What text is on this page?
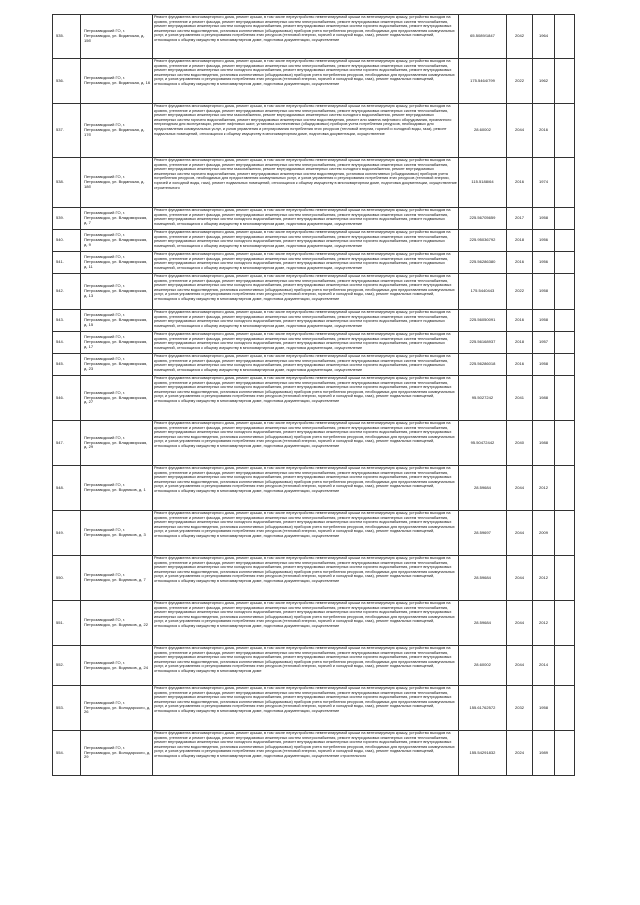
535.	Петрозаводский ГО, г. Петрозаводск, ул. Виданская, д. 15б	Ремонт фундамента многоквартирного дома, ремонт крыши, в том числе переустройство невентилируемой крыши на вентилируемую крышу, устройство выходов на кровлю, утепление и ремонт фасада, ремонт внутридомовых инженерных систем электроснабжения, ремонт внутридомовых инженерных систем теплоснабжения, ремонт внутридомовых инженерных систем холодного водоснабжения, ремонт внутридомовых инженерных систем горячего водоснабжения, ремонт внутридомовых инженерных систем водоотведения, установка коллективных (общедомовых) приборов учета потребления ресурсов, необходимых для предоставления коммунальных услуг, и узлов управления и регулирования потребления этих ресурсов (тепловой энергии, горячей и холодной воды, газа), ремонт подвальных помещений, относящихся к общему имуществу в многоквартирном доме, подготовка документации, осуществление	65.5089/1847	2042	1964	
536.	Петрозаводский ГО, г. Петрозаводск, ул. Виданская, д. 16	Ремонт фундамента многоквартирного дома, ремонт крыши, в том числе переустройство невентилируемой крыши на вентилируемую крышу, устройство выходов на кровлю, утепление и ремонт фасада, ремонт внутридомовых инженерных систем электроснабжения, ремонт внутридомовых инженерных систем теплоснабжения, ремонт внутридомовых инженерных систем холодного водоснабжения, ремонт внутридомовых инженерных систем горячего водоснабжения, ремонт внутридомовых инженерных систем водоотведения, установка коллективных (общедомовых) приборов учета потребления ресурсов, необходимых для предоставления коммунальных услуг, и узлов управления и регулирования потребления этих ресурсов (тепловой энергии, горячей и холодной воды, газа), ремонт подвальных помещений, относящихся к общему имуществу в многоквартирном доме, подготовка документации, осуществление	175.5464/799	2022	1962	
537.	Петрозаводский ГО, г. Петрозаводск, ул. Виданская, д. 17б	Ремонт фундамента многоквартирного дома, ремонт крыши, в том числе переустройство невентилируемой крыши на вентилируемую крышу, устройство выходов на кровлю, утепление и ремонт фасада, ремонт внутридомовых инженерных систем электроснабжения, ремонт внутридомовых инженерных систем теплоснабжения, ремонт внутридомовых инженерных систем газоснабжения, ремонт внутридомовых инженерных систем холодного водоснабжения, ремонт внутридомовых инженерных систем горячего водоснабжения, ремонт внутридомовых инженерных систем водоотведения, ремонт или замена лифтового оборудования, признанного непригодным для эксплуатации, ремонт лифтовых шахт, установка коллективных (общедомовых) приборов учета потребления ресурсов, необходимых для предоставления коммунальных услуг, и узлов управления и регулирования потребления этих ресурсов (тепловой энергии, горячей и холодной воды, газа), ремонт подвальных помещений, относящихся к общему имуществу в многоквартирном доме, подготовка документации, осуществление	28.60002	2044	2016	
538.	Петрозаводский ГО, г. Петрозаводск, ул. Виданская, д. 18б	Ремонт фундамента многоквартирного дома, ремонт крыши, в том числе переустройство невентилируемой крыши на вентилируемую крышу, устройство выходов на кровлю, утепление и ремонт фасада, ремонт внутридомовых инженерных систем электроснабжения, ремонт внутридомовых инженерных систем теплоснабжения, ремонт внутридомовых инженерных систем газоснабжения, ремонт внутридомовых инженерных систем холодного водоснабжения, ремонт внутридомовых инженерных систем горячего водоснабжения, ремонт внутридомовых инженерных систем водоотведения, установка коллективных (общедомовых) приборов учета потребления ресурсов, необходимых для предоставления коммунальных услуг, и узлов управления и регулирования потребления этих ресурсов (тепловой энергии, горячей и холодной воды, газа), ремонт подвальных помещений, относящихся к общему имуществу в многоквартирном доме, подготовка документации, осуществление строительного	115.5188/64	2016	1974	
539.	Петрозаводский ГО, г. Петрозаводск, ул. Владимирская, д. 7	Ремонт фундамента многоквартирного дома, ремонт крыши, в том числе переустройство невентилируемой крыши на вентилируемую крышу, устройство выходов на кровлю, утепление и ремонт фасада, ремонт внутридомовых инженерных систем электроснабжения, ремонт внутридомовых инженерных систем теплоснабжения, ремонт внутридомовых инженерных систем холодного водоснабжения, ремонт внутридомовых инженерных систем горячего водоснабжения, ремонт подвальных помещений, относящихся к общему имуществу в многоквартирном доме, подготовка документации, осуществление	225.56705659	2017	1958	
540.	Петрозаводский ГО, г. Петрозаводск, ул. Владимирская, д. 9	Ремонт фундамента многоквартирного дома, ремонт крыши, в том числе переустройство невентилируемой крыши на вентилируемую крышу, устройство выходов на кровлю, утепление и ремонт фасада, ремонт внутридомовых инженерных систем электроснабжения, ремонт внутридомовых инженерных систем теплоснабжения, ремонт внутридомовых инженерных систем холодного водоснабжения, ремонт внутридомовых инженерных систем горячего водоснабжения, ремонт подвальных помещений, относящихся к общему имуществу в многоквартирном доме, подготовка документации, осуществление	225.95036792	2018	1956	
541.	Петрозаводский ГО, г. Петрозаводск, ул. Владимирская, д. 11	Ремонт фундамента многоквартирного дома, ремонт крыши, в том числе переустройство невентилируемой крыши на вентилируемую крышу, устройство выходов на кровлю, утепление и ремонт фасада, ремонт внутридомовых инженерных систем электроснабжения, ремонт внутридомовых инженерных систем теплоснабжения, ремонт внутридомовых инженерных систем холодного водоснабжения, ремонт внутридомовых инженерных систем горячего водоснабжения, ремонт подвальных помещений, относящихся к общему имуществу в многоквартирном доме, подготовка документации, осуществление	225.56286380	2016	1956	
542.	Петрозаводский ГО, г. Петрозаводск, ул. Владимирская, д. 13	Ремонт фундамента многоквартирного дома, ремонт крыши, в том числе переустройство невентилируемой крыши на вентилируемую крышу, устройство выходов на кровлю, утепление и ремонт фасада, ремонт внутридомовых инженерных систем электроснабжения, ремонт внутридомовых инженерных систем теплоснабжения, ремонт внутридомовых инженерных систем холодного водоснабжения, ремонт внутридомовых инженерных систем горячего водоснабжения, ремонт внутридомовых инженерных систем водоотведения, установка коллективных (общедомовых) приборов учета потребления ресурсов, необходимых для предоставления коммунальных услуг, и узлов управления и регулирования потребления этих ресурсов (тепловой энергии, горячей и холодной воды, газа), ремонт подвальных помещений, относящихся к общему имуществу в многоквартирном доме, подготовка документации, осуществление	175.5440443	2022	1958	
543.	Петрозаводский ГО, г. Петрозаводск, ул. Владимирская, д. 15	Ремонт фундамента многоквартирного дома, ремонт крыши, в том числе переустройство невентилируемой крыши на вентилируемую крышу, устройство выходов на кровлю, утепление и ремонт фасада, ремонт внутридомовых инженерных систем электроснабжения, ремонт внутридомовых инженерных систем теплоснабжения, ремонт внутридомовых инженерных систем холодного водоснабжения, ремонт внутридомовых инженерных систем горячего водоснабжения, ремонт подвальных помещений, относящихся к общему имуществу в многоквартирном доме, подготовка документации, осуществление	225.56050091	2016	1958	
544.	Петрозаводский ГО, г. Петрозаводск, ул. Владимирская, д. 17	Ремонт фундамента многоквартирного дома, ремонт крыши, в том числе переустройство невентилируемой крыши на вентилируемую крышу, устройство выходов на кровлю, утепление и ремонт фасада, ремонт внутридомовых инженерных систем электроснабжения, ремонт внутридомовых инженерных систем теплоснабжения, ремонт внутридомовых инженерных систем холодного водоснабжения, ремонт внутридомовых инженерных систем горячего водоснабжения, ремонт подвальных помещений, относящихся к общему имуществу в многоквартирном доме, подготовка документации, осуществление	225.56168937	2018	1957	
545.	Петрозаводский ГО, г. Петрозаводск, ул. Владимирская, д. 23	Ремонт фундамента многоквартирного дома, ремонт крыши, в том числе переустройство невентилируемой крыши на вентилируемую крышу, устройство выходов на кровлю, утепление и ремонт фасада, ремонт внутридомовых инженерных систем электроснабжения, ремонт внутридомовых инженерных систем теплоснабжения, ремонт внутридомовых инженерных систем холодного водоснабжения, ремонт внутридомовых инженерных систем горячего водоснабжения, ремонт подвальных помещений, относящихся к общему имуществу в многоквартирном доме, подготовка документации, осуществление	225.56286018	2016	1958	
546.	Петрозаводский ГО, г. Петрозаводск, ул. Владимирская, д. 27	Ремонт фундамента многоквартирного дома, ремонт крыши, в том числе переустройство невентилируемой крыши на вентилируемую крышу, устройство выходов на кровлю, утепление и ремонт фасада, ремонт внутридомовых инженерных систем электроснабжения, ремонт внутридомовых инженерных систем теплоснабжения, ремонт внутридомовых инженерных систем холодного водоснабжения, ремонт внутридомовых инженерных систем горячего водоснабжения, ремонт внутридомовых инженерных систем водоотведения, установка коллективных (общедомовых) приборов учета потребления ресурсов, необходимых для предоставления коммунальных услуг, и узлов управления и регулирования потребления этих ресурсов (тепловой энергии, горячей и холодной воды, газа), ремонт подвальных помещений, относящихся к общему имуществу в многоквартирном доме, подготовка документации, осуществление	95.5027242	2041	1988	
547.	Петрозаводский ГО, г. Петрозаводск, ул. Владимирская, д. 29	Ремонт фундамента многоквартирного дома, ремонт крыши, в том числе переустройство невентилируемой крыши на вентилируемую крышу, устройство выходов на кровлю, утепление и ремонт фасада, ремонт внутридомовых инженерных систем электроснабжения, ремонт внутридомовых инженерных систем теплоснабжения, ремонт внутридомовых инженерных систем холодного водоснабжения, ремонт внутридомовых инженерных систем горячего водоснабжения, ремонт внутридомовых инженерных систем водоотведения, установка коллективных (общедомовых) приборов учета потребления ресурсов, необходимых для предоставления коммунальных услуг, и узлов управления и регулирования потребления этих ресурсов (тепловой энергии, горячей и холодной воды, газа), ремонт подвальных помещений, относящихся к общему имуществу в многоквартирном доме, подготовка документации, осуществление	95.50472442	2040	1988	
548.	Петрозаводский ГО, г. Петрозаводск, ул. Водников, д. 1	Ремонт фундамента многоквартирного дома, ремонт крыши, в том числе переустройство невентилируемой крыши на вентилируемую крышу, устройство выходов на кровлю, утепление и ремонт фасада, ремонт внутридомовых инженерных систем электроснабжения, ремонт внутридомовых инженерных систем теплоснабжения, ремонт внутридомовых инженерных систем холодного водоснабжения, ремонт внутридомовых инженерных систем горячего водоснабжения, ремонт внутридомовых инженерных систем водоотведения, установка коллективных (общедомовых) приборов учета потребления ресурсов, необходимых для предоставления коммунальных услуг, и узлов управления и регулирования потребления этих ресурсов (тепловой энергии, горячей и холодной воды, газа), ремонт подвальных помещений, относящихся к общему имуществу в многоквартирном доме, подготовка документации, осуществление	28.59684	2044	2012	
549.	Петрозаводский ГО, г. Петрозаводск, ул. Водников, д. 3	Ремонт фундамента многоквартирного дома, ремонт крыши, в том числе переустройство невентилируемой крыши на вентилируемую крышу, устройство выходов на кровлю, утепление и ремонт фасада, ремонт внутридомовых инженерных систем электроснабжения, ремонт внутридомовых инженерных систем теплоснабжения, ремонт внутридомовых инженерных систем холодного водоснабжения, ремонт внутридомовых инженерных систем горячего водоснабжения, ремонт внутридомовых инженерных систем водоотведения, установка коллективных (общедомовых) приборов учета потребления ресурсов, необходимых для предоставления коммунальных услуг, и узлов управления и регулирования потребления этих ресурсов (тепловой энергии, горячей и холодной воды, газа), ремонт подвальных помещений, относящихся к общему имуществу в многоквартирном доме, подготовка документации, осуществление	28.59697	2044	2009	
550.	Петрозаводский ГО, г. Петрозаводск, ул. Водников, д. 7	Ремонт фундамента многоквартирного дома, ремонт крыши, в том числе переустройство невентилируемой крыши на вентилируемую крышу, устройство выходов на кровлю, утепление и ремонт фасада, ремонт внутридомовых инженерных систем электроснабжения, ремонт внутридомовых инженерных систем теплоснабжения, ремонт внутридомовых инженерных систем холодного водоснабжения, ремонт внутридомовых инженерных систем горячего водоснабжения, ремонт внутридомовых инженерных систем водоотведения, установка коллективных (общедомовых) приборов учета потребления ресурсов, необходимых для предоставления коммунальных услуг, и узлов управления и регулирования потребления этих ресурсов (тепловой энергии, горячей и холодной воды, газа), ремонт подвальных помещений, относящихся к общему имуществу в многоквартирном доме, подготовка документации, осуществление	28.59684	2044	2012	
551.	Петрозаводский ГО, г. Петрозаводск, ул. Водников, д. 22	Ремонт фундамента многоквартирного дома, ремонт крыши, в том числе переустройство невентилируемой крыши на вентилируемую крышу, устройство выходов на кровлю, утепление и ремонт фасада, ремонт внутридомовых инженерных систем электроснабжения, ремонт внутридомовых инженерных систем теплоснабжения, ремонт внутридомовых инженерных систем холодного водоснабжения, ремонт внутридомовых инженерных систем горячего водоснабжения, ремонт внутридомовых инженерных систем водоотведения, установка коллективных (общедомовых) приборов учета потребления ресурсов, необходимых для предоставления коммунальных услуг, и узлов управления и регулирования потребления этих ресурсов (тепловой энергии, горячей и холодной воды, газа), ремонт подвальных помещений, относящихся к общему имуществу в многоквартирном доме, подготовка документации, осуществление	28.59684	2044	2012	
552.	Петрозаводский ГО, г. Петрозаводск, ул. Водников, д. 24	Ремонт фундамента многоквартирного дома, ремонт крыши, в том числе переустройство невентилируемой крыши на вентилируемую крышу, устройство выходов на кровлю, утепление и ремонт фасада, ремонт внутридомовых инженерных систем электроснабжения, ремонт внутридомовых инженерных систем теплоснабжения, ремонт внутридомовых инженерных систем холодного водоснабжения, ремонт внутридомовых инженерных систем горячего водоснабжения, ремонт внутридомовых инженерных систем водоотведения, установка коллективных (общедомовых) приборов учета потребления ресурсов, необходимых для предоставления коммунальных услуг, и узлов управления и регулирования потребления этих ресурсов (тепловой энергии, горячей и холодной воды, газа), ремонт подвальных помещений, относящихся к общему имуществу в многоквартирном доме	28.60002	2044	2014	
553.	Петрозаводский ГО, г. Петрозаводск, ул. Володарского, д. 26	Ремонт фундамента многоквартирного дома, ремонт крыши, в том числе переустройство невентилируемой крыши на вентилируемую крышу, устройство выходов на кровлю, утепление и ремонт фасада, ремонт внутридомовых инженерных систем электроснабжения, ремонт внутридомовых инженерных систем теплоснабжения, ремонт внутридомовых инженерных систем холодного водоснабжения, ремонт внутридомовых инженерных систем горячего водоснабжения, ремонт внутридомовых инженерных систем водоотведения, установка коллективных (общедомовых) приборов учета потребления ресурсов, необходимых для предоставления коммунальных услуг, и узлов управления и регулирования потребления этих ресурсов (тепловой энергии, горячей и холодной воды, газа), ремонт подвальных помещений, относящихся к общему имуществу в многоквартирном доме, подготовка документации, осуществление	155.61762572	2032	1958	
554.	Петрозаводский ГО, г. Петрозаводск, ул. Володарского, д. 29	Ремонт фундамента многоквартирного дома, ремонт крыши, в том числе переустройство невентилируемой крыши на вентилируемую крышу, устройство выходов на кровлю, утепление и ремонт фасада, ремонт внутридомовых инженерных систем электроснабжения, ремонт внутридомовых инженерных систем теплоснабжения, ремонт внутридомовых инженерных систем холодного водоснабжения, ремонт внутридомовых инженерных систем горячего водоснабжения, ремонт внутридомовых инженерных систем водоотведения, установка коллективных (общедомовых) приборов учета потребления ресурсов, необходимых для предоставления коммунальных услуг, и узлов управления и регулирования потребления этих ресурсов (тепловой энергии, горячей и холодной воды, газа), ремонт подвальных помещений, относящихся к общему имуществу в многоквартирном доме, подготовка документации, осуществление строительного	155.54291832	2024	1989	
